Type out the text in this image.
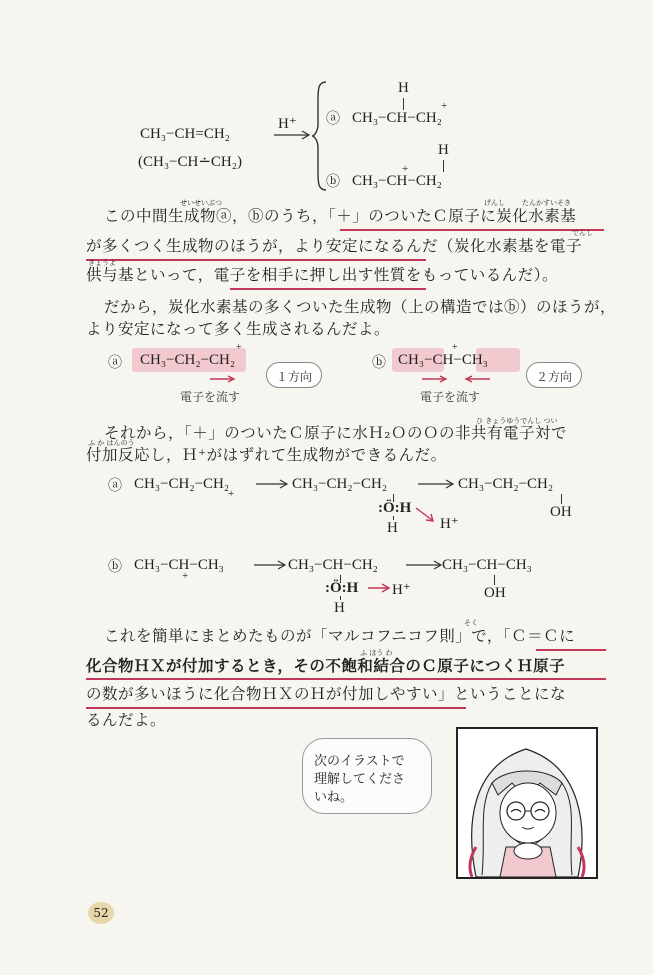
CH₃−CH=CH₂
(CH₃−CH∸CH₂)
H⁺ ⓐ
H
+
CH₃−CH−CH₂
H
+
ⓑ CH₃−CH−CH₂
せいせいぶつ	げんし たんかすいそき
この中間生成物ⓐ，ⓑのうち，「＋」のついたＣ原子に炭化水素基
でんし
が多くつく生成物のほうが，より安定になるんだ（炭化水素基を電子
きょうよ
供与基といって，電子を相手に押し出す性質をもっているんだ）。
だから，炭化水素基の多くついた生成物（上の構造ではⓑ）のほうが，
より安定になって多く生成されるんだよ。
ⓐ
+
CH₃−CH₂−CH₂
電子を流す
１方向
ⓑ
+
CH₃−CH−CH₃
電子を流す
２方向
ひ きょうゆうでんし つい
それから，「＋」のついたＣ原子に水Ｈ₂ＯのＯの非共有電子対で
ふ か はんのう
付加反応し，Ｈ⁺がはずれて生成物ができるんだ。
ⓐ CH₃−CH₂−CH₂
+
CH₃−CH₂−CH₂
:Ö:H
H	H⁺
CH₃−CH₂−CH₂
OH
ⓑ CH₃−CH−CH₃
+
CH₃−CH−CH₂
:Ö:H
H
H⁺
CH₃−CH−CH₃
OH
そく
これを簡単にまとめたものが「マルコフニコフ則」で，「Ｃ＝Ｃに
ふ ほう わ
化合物ＨＸが付加するとき，その不飽和結合のＣ原子につくＨ原子
の数が多いほうに化合物ＨＸのＨが付加しやすい」ということにな
るんだよ。
次のイラストで
理解してくださ
いね。
52
